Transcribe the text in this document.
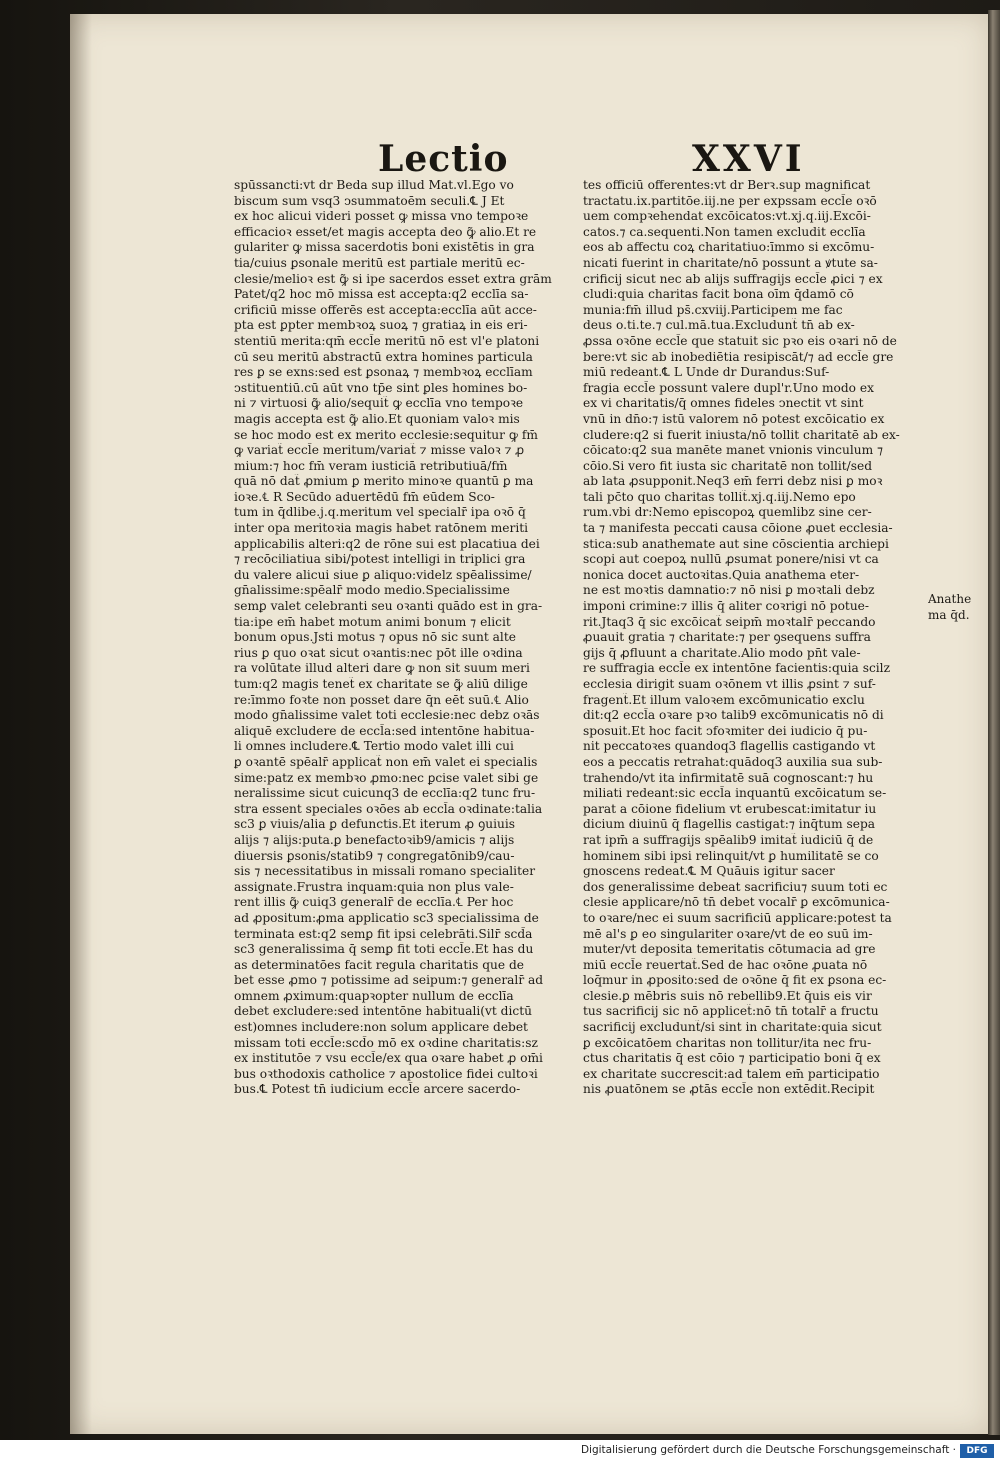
Lectio	XXVI
spūssancti:vt dr Beda sup illud Mat.vl.Ego vo
biscum sum vsq3 ↄsummatoēm seculi.℄ J Et
ex hoc alicui videri posset ꝙ missa vno tempoꝛe
efficacioꝛ esset/et magis accepta deo ꝙ̃ alio.Et re
gulariter ꝙ missa sacerdotis boni existētis in gra
tia/cuius ꝑsonale meritū est partiale meritū ec-
clesie/melioꝛ est ꝙ̃ si ipe sacerdos esset extra grām
Patet/q2 hoc mō missa est accepta:q2 ecclīa sa-
crificiū misse offerēs est accepta:ecclīa aūt acce-
pta est ꝑpter membꝛoꝝ suoꝝ ⁊ gratiaꝝ in eis eri-
stentiū merita:qm̄ eccl̄e meritū nō est vl'e platoni
cū seu meritū abstractū extra homines particula
res ꝑ se exns:sed est ꝑsonaꝝ ⁊ membꝛoꝝ ecclīam
ↄstituentiū.cū aūt vno tp̄e sint ꝑles homines bo-
ni ⁊ virtuosi ꝙ̃ alio/sequit̃ ꝙ ecclīa vno tempoꝛe
magis accepta est ꝙ̃ alio.Et quoniam valoꝛ mis
se hoc modo est ex merito ecclesie:sequitur ꝙ fm̄
ꝙ variat̃ eccl̄e meritum/variat̃ ⁊ misse valoꝛ ⁊ ꝓ
mium:⁊ hoc fm̄ veram iusticiā retributiuā/fm̄
quā nō dat̃ ꝓmium ꝑ merito minoꝛe quantū ꝑ ma
ioꝛe.℄ R Secūdo aduertēdū fm̄ eūdem Sco-
tum in q̄dlibe.j.q.meritum vel specialr̄ ipa oꝛō q̄
inter opa meritoꝛia magis habet ratōnem meriti
applicabilis alteri:q2 de rōne sui est placatiua dei
⁊ recōciliatiua sibi/potest intelligi in triplici gra
du valere alicui siue ꝑ aliquo:videlz spēalissime/
gn̄alissime:spēalr̄ modo medio.Specialissime
semꝑ valet celebranti seu oꝛanti quādo est in gra-
tia:ipe em̄ habet motum animi bonum ⁊ elicit
bonum opus.Jsti motus ⁊ opus nō sic sunt alte
rius ꝑ quo oꝛat sicut oꝛantis:nec pōt ille oꝛdina
ra volūtate illud alteri dare ꝙ non sit suum meri
tum:q2 magis tenet̃ ex charitate se ꝙ̃ aliū dilige
re:īmmo foꝛte non posset dare q̄n eēt suū.℄ Alio
modo gn̄alissime valet toti ecclesie:nec debz oꝛās
aliquē excludere de eccl̄a:sed intentōne habitua-
li omnes includere.℄ Tertio modo valet illi cui
ꝑ oꝛantē spēalr̄ applicat̃ non em̄ valet ei specialis
sime:patz ex membꝛo ꝓmo:nec ꝑcise valet sibi ge
neralissime sicut cuicunq3 de ecclīa:q2 tunc fru-
stra essent speciales oꝛōes ab eccl̄a oꝛdinate:talia
sc3 ꝑ viuis/alia ꝑ defunctis.Et iterum ꝓ ꝯuiuis
alijs ⁊ alijs:puta.ꝑ benefactoꝛib9/amicis ⁊ alijs
diuersis ꝑsonis/statib9 ⁊ congregatōnib9/cau-
sis ⁊ necessitatibus in missali romano specialiter
assignate.Frustra inquam:quia non plus vale-
rent illis ꝙ̃ cuiq3 generalr̄ de ecclīa.℄ Per hoc
ad ꝓpositum:ꝓma applicatio sc3 specialissima de
terminata est:q2 semꝑ fit ipsi celebrāti.Silr̄ scd̄a
sc3 generalissima q̄ semꝑ fit toti eccl̄e.Et has du
as determinatōes facit regula charitatis que de
bet esse ꝓmo ⁊ potissime ad seipum:⁊ generalr̄ ad
omnem ꝓximum:quapꝛopter nullum de ecclīa
debet excludere:sed intentōne habituali(vt dictū
est)omnes includere:non solum applicare debet
missam toti eccl̄e:scd̄o mō ex oꝛdine charitatis:sz
ex institutōe ⁊ vsu eccl̄e/ex qua oꝛare habet ꝓ om̄i
bus oꝛthodoxis catholice ⁊ apostolice fidei cultoꝛi
bus.℄ Potest tn̄ iudicium eccl̄e arcere sacerdo-
tes officiū offerentes:vt dr Berꝛ.sup magnificat
tractatu.ix.partitōe.iij.ne per expssam eccl̄e oꝛō
uem compꝛehendat excōicatos:vt.xj.q.iij.Excōi-
catos.⁊ ca.sequenti.Non tamen excludit ecclīa
eos ab affectu coꝝ charitatiuo:īmmo si excōmu-
nicati fuerint in charitate/nō possunt a ꝟtute sa-
crificij sicut nec ab alijs suffragijs eccl̄e ꝓici ⁊ ex
cludi:quia charitas facit bona oīm q̄damō cō
munia:fm̄ illud ps̄.cxviij.Participem me fac
deus o.ti.te.⁊ cul.mā.tua.Excludunt̃ tn̄ ab ex-
ꝓssa oꝛōne eccl̄e que statuit sic pꝛo eis oꝛari nō de
bere:vt sic ab inobediētia resipiscāt/⁊ ad eccl̄e gre
miū redeant.℄ L Unde dr Durandus:Suf-
fragia eccl̄e possunt valere dupl'r.Uno modo ex
ex vi charitatis/q̄ omnes fideles ↄnectit vt sint
vnū in dn̄o:⁊ istū valorem nō potest excōicatio ex
cludere:q2 si fuerit iniusta/nō tollit charitatē ab ex-
cōicato:q2 sua manēte manet vnionis vinculum ⁊
cōio.Si vero fit iusta sic charitatē non tollit/sed
ab lata ꝓsupponit.Neq3 em̄ ferri debz nisi ꝑ moꝛ
tali pc̄to quo charitas tollit̃.xj.q.iij.Nemo epo
rum.vbi dr:Nemo episcopoꝝ quemlibz sine cer-
ta ⁊ manifesta peccati causa cōione ꝓuet ecclesia-
stica:sub anathemate aut sine cōscientia archiepi
scopi aut coepoꝝ nullū ꝓsumat ponere/nisi vt ca
nonica docet auctoꝛitas.Quia anathema eter-
ne est moꝛtis damnatio:⁊ nō nisi ꝑ moꝛtali debz
imponi crimine:⁊ illis q̄ aliter coꝛrigi nō potue-
rit.Jtaq3 q̄ sic excōicat̃ seipm̄ moꝛtalr̄ peccando
ꝓuauit gratia ⁊ charitate:⁊ per ꝯsequens suffra
gijs q̄ ꝓfluunt a charitate.Alio modo pn̄t vale-
re suffragia eccl̄e ex intentōne facientis:quia scilz
ecclesia dirigit suam oꝛōnem vt illis ꝓsint ⁊ suf-
fragent̃.Et illum valoꝛem excōmunicatio exclu
dit:q2 eccl̄a oꝛare pꝛo talib9 excōmunicatis nō di
sposuit.Et hoc facit ↄfoꝛmiter dei iudicio q̄ pu-
nit peccatoꝛes quandoq3 flagellis castigando vt
eos a peccatis retrahat:quādoq3 auxilia sua sub-
trahendo/vt ita infirmitatē suā cognoscant:⁊ hu
miliati redeant:sic eccl̄a inquantū excōicatum se-
parat a cōione fidelium vt erubescat:imitatur iu
dicium diuinū q̄ flagellis castigat:⁊ inq̄tum sepa
rat ipm̄ a suffragijs spēalib9 imitat̃ iudiciū q̄ de
hominem sibi ipsi relinquit/vt ꝑ humilitatē se co
gnoscens redeat.℄ M Quāuis igitur sacer
dos generalissime debeat sacrificiu⁊ suum toti ec
clesie applicare/nō tn̄ debet vocalr̄ ꝑ excōmunica-
to oꝛare/nec ei suum sacrificiū applicare:potest ta
mē al's ꝑ eo singulariter oꝛare/vt de eo suū im-
muter/vt deposita temeritatis cōtumacia ad gre
miū eccl̄e reuertat̃.Sed de hac oꝛōne ꝓuata nō
loq̄mur in ꝓposito:sed de oꝛōne q̄ fit ex ꝑsona ec-
clesie.ꝑ mēbris suis nō rebellib9.Et q̄uis eis vir
tus sacrificij sic nō applicet̃:nō tn̄ totalr̄ a fructu
sacrificij excludunt̃/si sint in charitate:quia sicut
ꝑ excōicatōem charitas non tollitur/ita nec fru-
ctus charitatis q̄ est cōio ⁊ participatio boni q̄ ex
ex charitate succrescit:ad talem em̄ participatio
nis ꝓuatōnem se ꝓtās eccl̄e non extēdit.Recipit
Anathe
ma q̄d.
Digitalisierung gefördert durch die Deutsche Forschungsgemeinschaft ·	DFG
